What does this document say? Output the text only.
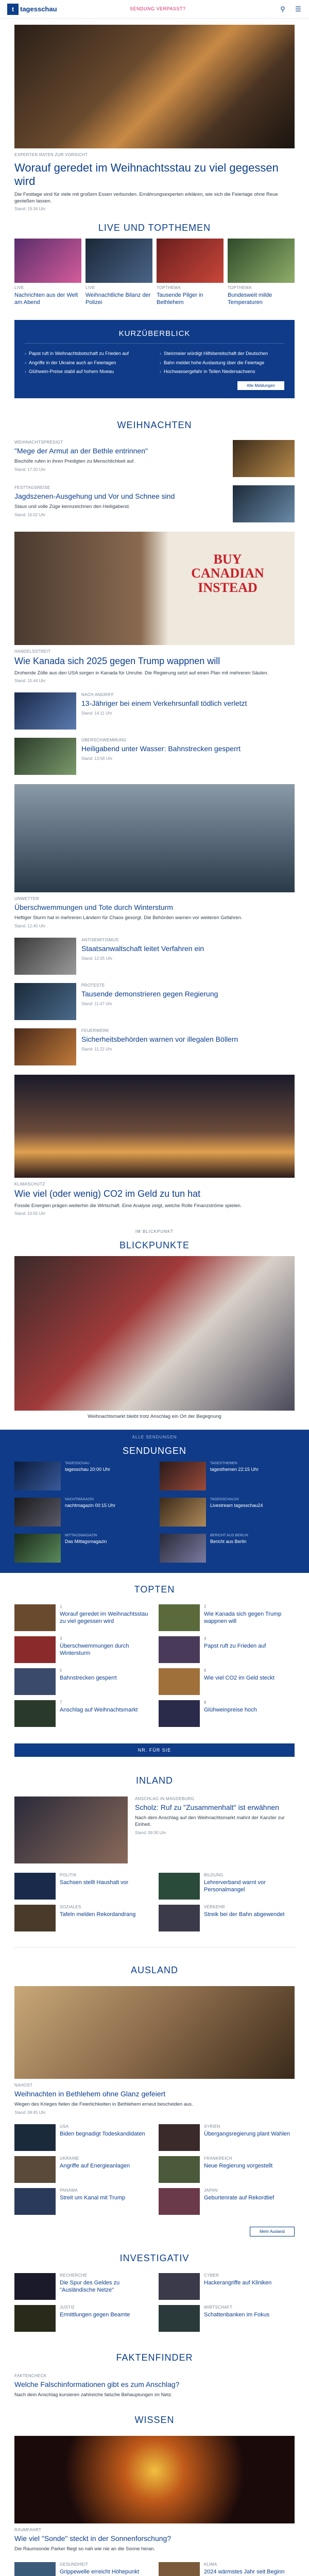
t tagesschau	SENDUNG VERPASST?	⚲	☰
EXPERTEN RATEN ZUR VORSICHT
Worauf geredet im Weihnachtsstau zu viel gegessen wird
Die Festtage sind für viele mit großem Essen verbunden. Ernährungsexperten erklären, wie sich die Feiertage ohne Reue genießen lassen.
Stand: 19:34 Uhr
LIVE UND TOPTHEMEN
LIVE
Nachrichten aus der Welt am Abend
LIVE
Weihnachtliche Bilanz der Polizei
TOPTHEMA
Tausende Pilger in Bethlehem
TOPTHEMA
Bundesweit milde Temperaturen
KURZÜBERBLICK
› Papst ruft in Weihnachtsbotschaft zu Frieden auf	› Steinmeier würdigt Hilfsbereitschaft der Deutschen
› Angriffe in der Ukraine auch an Feiertagen	› Bahn meldet hohe Auslastung über die Feiertage
› Glühwein-Preise stabil auf hohem Niveau	› Hochwassergefahr in Teilen Niedersachsens
Alle Meldungen
WEIHNACHTEN
WEIHNACHTSPREDIGT
"Mege der Armut an der Bethle entrinnen"
Bischöfe rufen in ihren Predigten zu Menschlichkeit auf.
Stand: 17:20 Uhr
FESTTAGSREISE
Jagdszenen-Ausgehung und Vor und Schnee sind
Staus und volle Züge kennzeichnen den Heiligabend.
Stand: 16:02 Uhr
BUY CANADIAN INSTEAD
HANDELSSTREIT
Wie Kanada sich 2025 gegen Trump wappnen will
Drohende Zölle aus den USA sorgen in Kanada für Unruhe. Die Regierung setzt auf einen Plan mit mehreren Säulen.
Stand: 15:44 Uhr
NACH ANGRIFF
13-Jähriger bei einem Verkehrsunfall tödlich verletzt
Stand: 14:11 Uhr
ÜBERSCHWEMMUNG
Heiligabend unter Wasser: Bahnstrecken gesperrt
Stand: 13:58 Uhr
UNWETTER
Überschwemmungen und Tote durch Wintersturm
Heftiger Sturm hat in mehreren Ländern für Chaos gesorgt. Die Behörden warnen vor weiteren Gefahren.
Stand: 12:40 Uhr
ANTISEMITISMUS
Staatsanwaltschaft leitet Verfahren ein
Stand: 12:05 Uhr
PROTESTE
Tausende demonstrieren gegen Regierung
Stand: 11:47 Uhr
FEUERWERK
Sicherheitsbehörden warnen vor illegalen Böllern
Stand: 11:22 Uhr
KLIMASCHUTZ
Wie viel (oder wenig) CO2 im Geld zu tun hat
Fossile Energien prägen weiterhin die Wirtschaft. Eine Analyse zeigt, welche Rolle Finanzströme spielen.
Stand: 10:55 Uhr
IM BLICKPUNKT
BLICKPUNKTE
Weihnachtsmarkt bleibt trotz Anschlag ein Ort der Begegnung
ALLE SENDUNGEN
SENDUNGEN
TAGESSCHAU
tagesschau 20:00 Uhr
TAGESTHEMEN
tagesthemen 22:15 Uhr
NACHTMAGAZIN
nachtmagazin 00:15 Uhr
TAGESSCHAU24
Livestream tagesschau24
MITTAGSMAGAZIN
Das Mittagsmagazin
BERICHT AUS BERLIN
Bericht aus Berlin
TOPTEN
1
Worauf geredet im Weihnachtsstau zu viel gegessen wird
3
Überschwemmungen durch Wintersturm
5
Bahnstrecken gesperrt
7
Anschlag auf Weihnachtsmarkt
2
Wie Kanada sich gegen Trump wappnen will
4
Papst ruft zu Frieden auf
6
Wie viel CO2 im Geld steckt
8
Glühweinpreise hoch
NR. FÜR SIE
INLAND
ANSCHLAG IN MAGDEBURG
Scholz: Ruf zu "Zusammenhalt" ist erwähnen
Nach dem Anschlag auf den Weihnachtsmarkt mahnt der Kanzler zur Einheit.
Stand: 09:30 Uhr
POLITIK
Sachsen stellt Haushalt vor
SOZIALES
Tafeln melden Rekordandrang
BILDUNG
Lehrerverband warnt vor Personalmangel
VERKEHR
Streik bei der Bahn abgewendet
AUSLAND
NAHOST
Weihnachten in Bethlehem ohne Glanz gefeiert
Wegen des Krieges fielen die Feierlichkeiten in Bethlehem erneut bescheiden aus.
Stand: 08:45 Uhr
USA
Biden begnadigt Todeskandidaten
UKRAINE
Angriffe auf Energieanlagen
PANAMA
Streit um Kanal mit Trump
SYRIEN
Übergangsregierung plant Wahlen
FRANKREICH
Neue Regierung vorgestellt
JAPAN
Geburtenrate auf Rekordtief
Mehr Ausland
INVESTIGATIV
RECHERCHE
Die Spur des Geldes zu "Ausländische Netze"
JUSTIZ
Ermittlungen gegen Beamte
CYBER
Hackerangriffe auf Kliniken
WIRTSCHAFT
Schattenbanken im Fokus
FAKTENFINDER
FAKTENCHECK
Welche Falschinformationen gibt es zum Anschlag?
Nach dem Anschlag kursieren zahlreiche falsche Behauptungen im Netz.
WISSEN
RAUMFAHRT
Wie viel "Sonde" steckt in der Sonnenforschung?
Die Raumsonde Parker fliegt so nah wie nie an die Sonne heran.
GESUNDHEIT
Grippewelle erreicht Höhepunkt
KLIMA
2024 wärmstes Jahr seit Beginn
